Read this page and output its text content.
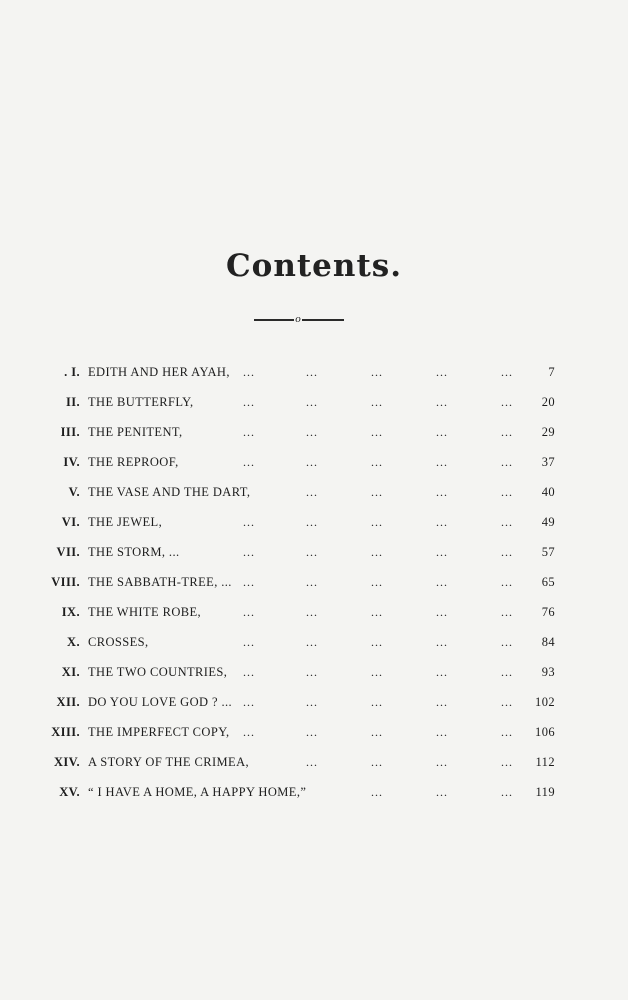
Contents.
o
. I. EDITH AND HER AYAH, ...	...	...	...	...	7
II. THE BUTTERFLY,	...	...	...	...	... 20
III. THE PENITENT,	...	...	...	...	... 29
IV. THE REPROOF,	...	...	...	...	... 37
V. THE VASE AND THE DART,	...	...	...	... 40
VI. THE JEWEL,	...	...	...	...	... 49
VII. THE STORM, ...	...	...	...	...	... 57
VIII. THE SABBATH-TREE, ... ...	...	...	...	... 65
IX. THE WHITE ROBE,	...	...	...	...	... 76
X. CROSSES,	...	...	...	...	... 84
XI. THE TWO COUNTRIES, ...	...	...	...	... 93
XII. DO YOU LOVE GOD ? ... ...	...	...	...	... 102
XIII. THE IMPERFECT COPY, ...	...	...	...	... 106
XIV. A STORY OF THE CRIMEA,	...	...	...	... 112
XV. “ I HAVE A HOME, A HAPPY HOME,”	...	...	... 119
